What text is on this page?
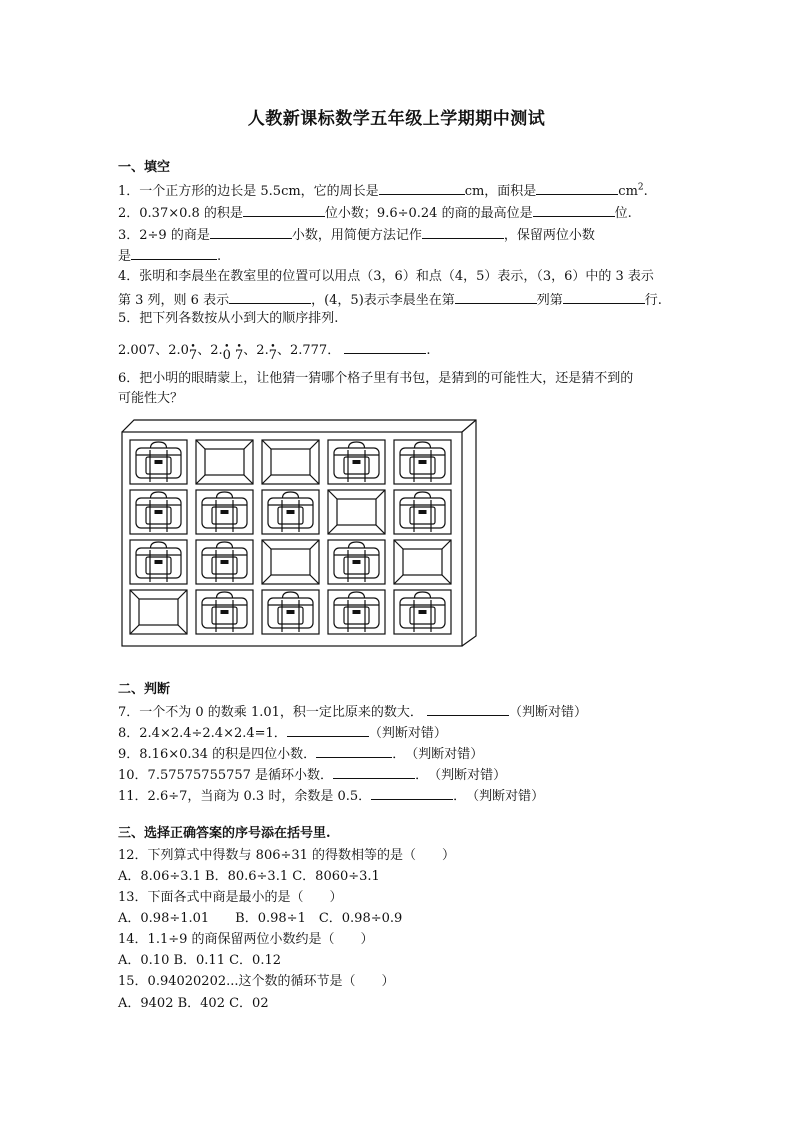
人教新课标数学五年级上学期期中测试
一、填空
1．一个正方形的边长是 5.5cm，它的周长是	cm，面积是	$cm^2$.
2．0.37×0.8 的积是	位小数；9.6÷0.24 的商的最高位是	位.
3．2÷9 的商是	小数，用简便方法记作	，保留两位小数
是	.
4．张明和李晨坐在教室里的位置可以用点（3，6）和点（4，5）表示，（3，6）中的 3 表示
第 3 列，则 6 表示	，(4，5)表示李晨坐在第	列第	行.
5．把下列各数按从小到大的顺序排列.
2.007、2.0• 7、2.• 0 • 7、2.• 7、2.777．	.
6．把小明的眼睛蒙上，让他猜一猜哪个格子里有书包，是猜到的可能性大，还是猜不到的
可能性大？
二、判断
7．一个不为 0 的数乘 1.01，积一定比原来的数大．	（判断对错）
8．2.4×2.4÷2.4×2.4=1．	（判断对错）
9．8.16×0.34 的积是四位小数．	．　（判断对错）
10．7.57575755757 是循环小数．	．　（判断对错）
11．2.6÷7，当商为 0.3 时，余数是 0.5．	．　（判断对错）
三、选择正确答案的序号添在括号里.
12．下列算式中得数与 806÷31 的得数相等的是（　　）
A．8.06÷3.1 B．80.6÷3.1 C．8060÷3.1
13．下面各式中商是最小的是（　　）
A．0.98÷1.01　　B．0.98÷1　C．0.98÷0.9
14．1.1÷9 的商保留两位小数约是（　　）
A．0.10 B．0.11 C．0.12
15．0.94020202...这个数的循环节是（　　）
A．9402 B．402 C．02
